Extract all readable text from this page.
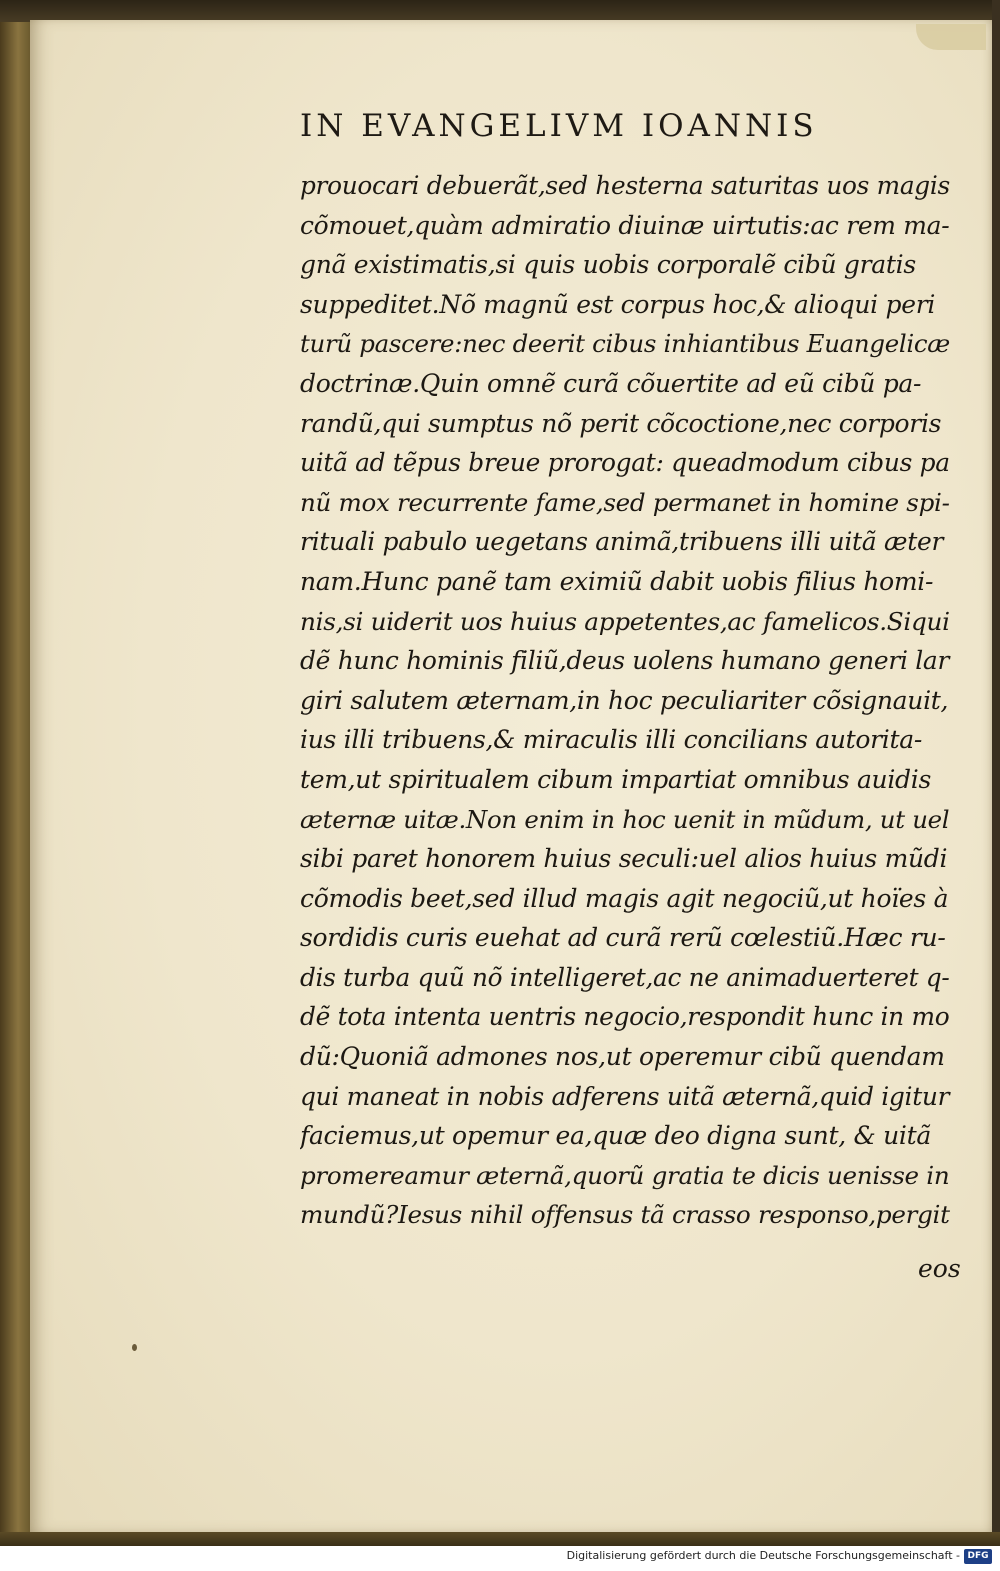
IN EVANGELIVM IOANNIS
prouocari debuerãt,sed hesterna saturitas uos magis
cõmouet,quàm admiratio diuinæ uirtutis:ac rem ma-
gnã existimatis,si quis uobis corporalẽ cibũ gratis
suppeditet.Nõ magnũ est corpus hoc,& alioqui peri
turũ pascere:nec deerit cibus inhiantibus Euangelicæ
doctrinæ.Quin omnẽ curã cõuertite ad eũ cibũ pa-
randũ,qui sumptus nõ perit cõcoctione,nec corporis
uitã ad tẽpus breue prorogat: queadmodum cibus pa
nũ mox recurrente fame,sed permanet in homine spi-
rituali pabulo uegetans animã,tribuens illi uitã æter
nam.Hunc panẽ tam eximiũ dabit uobis filius homi-
nis,si uiderit uos huius appetentes,ac famelicos.Siqui
dẽ hunc hominis filiũ,deus uolens humano generi lar
giri salutem æternam,in hoc peculiariter cõsignauit,
ius illi tribuens,& miraculis illi concilians autorita-
tem,ut spiritualem cibum impartiat omnibus auidis
æternæ uitæ.Non enim in hoc uenit in mũdum, ut uel
sibi paret honorem huius seculi:uel alios huius mũdi
cõmodis beet,sed illud magis agit negociũ,ut hoïes à
sordidis curis euehat ad curã rerũ cœlestiũ.Hæc ru-
dis turba quũ nõ intelligeret,ac ne animaduerteret q-
dẽ tota intenta uentris negocio,respondit hunc in mo
dũ:Quoniã admones nos,ut operemur cibũ quendam
qui maneat in nobis adferens uitã æternã,quid igitur
faciemus,ut opemur ea,quæ deo digna sunt, & uitã
promereamur æternã,quorũ gratia te dicis uenisse in
mundũ?Iesus nihil offensus tã crasso responso,pergit
eos
Digitalisierung gefördert durch die Deutsche Forschungsgemeinschaft - DFG
